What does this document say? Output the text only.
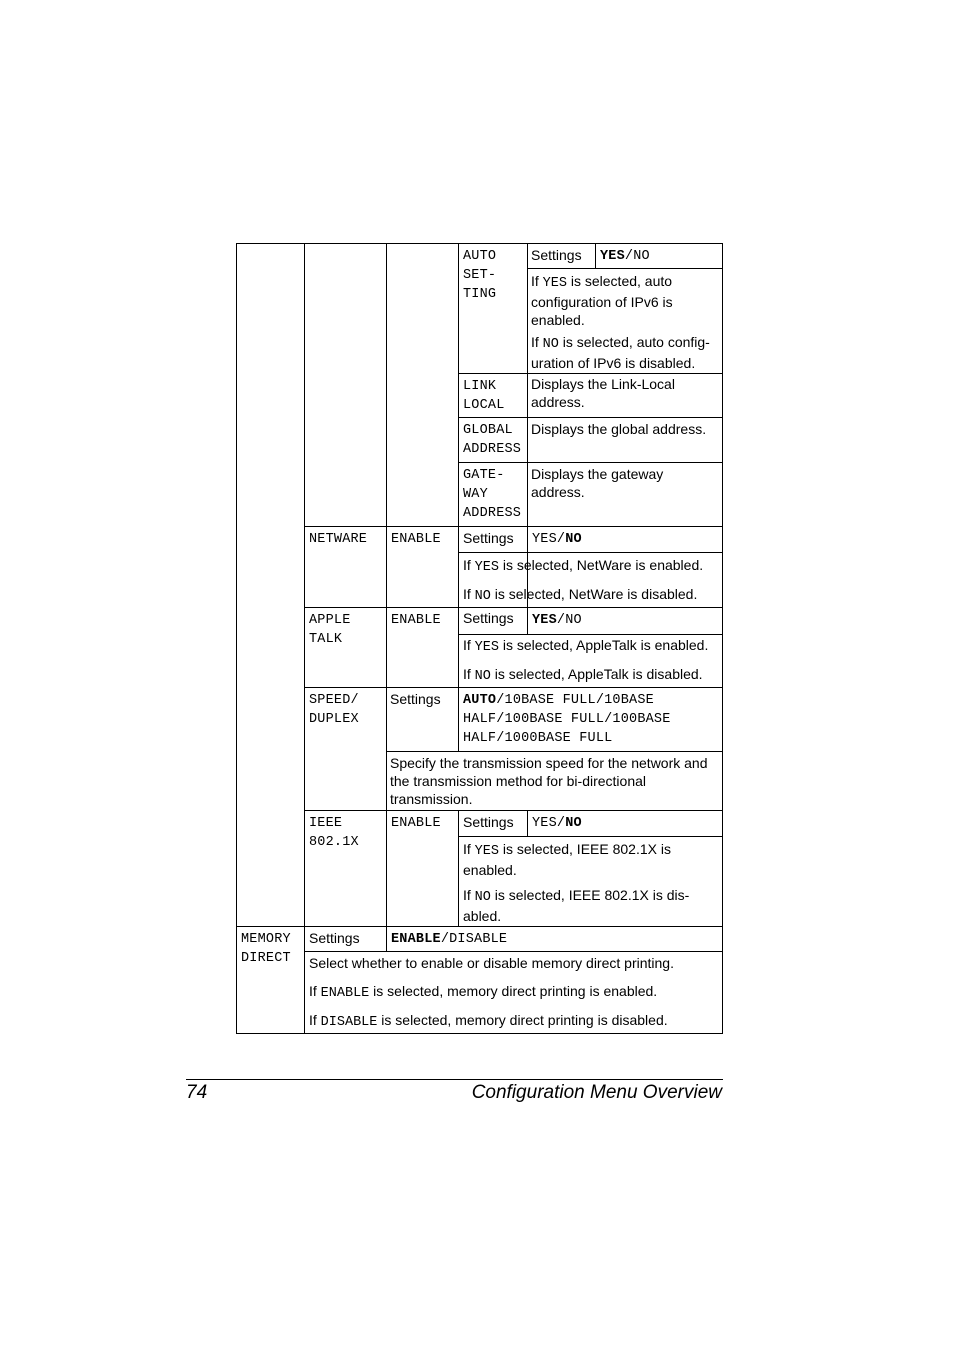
AUTO SET- TING
Settings YES/NO
If YES is selected, auto configuration of IPv6 is enabled.
If NO is selected, auto config- uration of IPv6 is disabled.
LINK LOCAL
Displays the Link-Local address.
GLOBAL ADDRESS
Displays the global address.
GATE- WAY ADDRESS
Displays the gateway address.
NETWARE ENABLE Settings YES/NO
If YES is selected, NetWare is enabled.
If NO is selected, NetWare is disabled.
APPLE TALK
ENABLE Settings YES/NO
If YES is selected, AppleTalk is enabled.
If NO is selected, AppleTalk is disabled.
SPEED/ DUPLEX
Settings AUTO/10BASE FULL/10BASE HALF/100BASE FULL/100BASE HALF/1000BASE FULL
Specify the transmission speed for the network and the transmission method for bi-directional transmission.
IEEE 802.1X
ENABLE Settings YES/NO
If YES is selected, IEEE 802.1X is enabled.
If NO is selected, IEEE 802.1X is dis- abled.
MEMORY DIRECT
Settings ENABLE/DISABLE
Select whether to enable or disable memory direct printing.
If ENABLE is selected, memory direct printing is enabled.
If DISABLE is selected, memory direct printing is disabled.
74	Configuration Menu Overview
